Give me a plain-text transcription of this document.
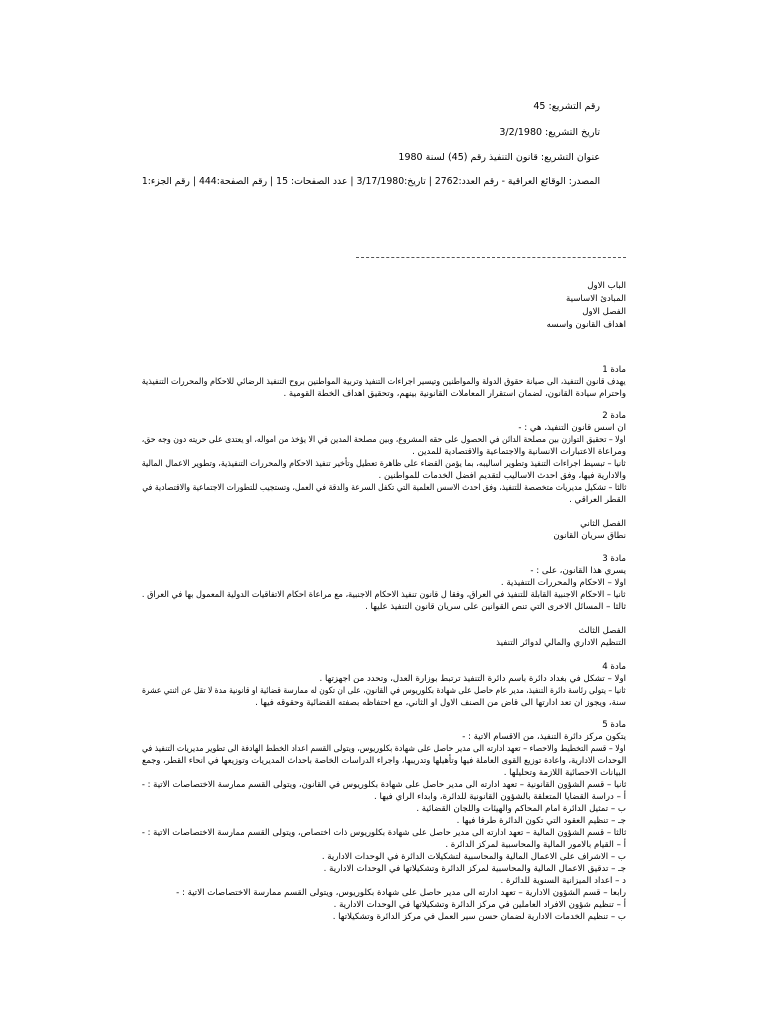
رقم التشريع: 45
تاريخ التشريع: 3/2/1980
عنوان التشريع: قانون التنفيذ رقم (45) لسنة 1980
المصدر: الوقائع العراقية - رقم العدد:2762 | تاريخ:3/17/1980 | عدد الصفحات: 15 | رقم الصفحة:444 | رقم الجزء:1
الباب الاول
المبادئ الاساسية
الفصل الاول
اهداف القانون واسسه
مادة 1
يهدف قانون التنفيذ، الى صيانة حقوق الدولة والمواطنين وتيسير اجراءات التنفيذ وتربية المواطنين بروح التنفيذ الرضائي للاحكام والمحررات التنفيذية
واحترام سيادة القانون، لضمان استقرار المعاملات القانونية بينهم، وتحقيق اهداف الخطة القومية .
مادة 2
ان اسس قانون التنفيذ، هي : -
اولا – تحقيق التوازن بين مصلحة الدائن في الحصول على حقه المشروع، وبين مصلحة المدين في الا يؤخذ من امواله، او يعتدى على حريته دون وجه حق،
ومراعاة الاعتبارات الانسانية والاجتماعية والاقتصادية للمدين .
ثانيا – تبسيط اجراءات التنفيذ وتطوير اساليبه، بما يؤمن القضاء على ظاهرة تعطيل وتأخير تنفيذ الاحكام والمحررات التنفيذية، وتطوير الاعمال المالية
والادارية فيها، وفق احدث الاساليب لتقديم افضل الخدمات للمواطنين .
ثالثا – تشكيل مديريات متخصصة للتنفيذ، وفق احدث الاسس العلمية التي تكفل السرعة والدقة في العمل، وتستجيب للتطورات الاجتماعية والاقتصادية في
القطر العراقي .
الفصل الثاني
نطاق سريان القانون
مادة 3
يسري هذا القانون، على : -
اولا – الاحكام والمحررات التنفيذية .
ثانيا – الاحكام الاجنبية القابلة للتنفيذ في العراق، وفقا ل قانون تنفيذ الاحكام الاجنبية، مع مراعاة احكام الاتفاقيات الدولية المعمول بها في العراق .
ثالثا – المسائل الاخرى التي تنص القوانين على سريان قانون التنفيذ عليها .
الفصل الثالث
التنظيم الاداري والمالي لدوائر التنفيذ
مادة 4
اولا – تشكل في بغداد دائرة باسم دائرة التنفيذ ترتبط بوزارة العدل، وتحدد من اجهزتها .
ثانيا – يتولى رئاسة دائرة التنفيذ، مدير عام حاصل على شهادة بكلوريوس في القانون، على ان تكون له ممارسة قضائية او قانونية مدة لا تقل عن اثنتي عشرة
سنة، ويجوز ان تعد ادارتها الى قاض من الصنف الاول او الثاني، مع احتفاظه بصفته القضائية وحقوقه فيها .
مادة 5
يتكون مركز دائرة التنفيذ، من الاقسام الاتية : -
اولا – قسم التخطيط والاحصاء – تعهد ادارته الى مدير حاصل على شهادة بكلوريوس، ويتولى القسم اعداد الخطط الهادفة الى تطوير مديريات التنفيذ في
الوحدات الادارية، واعادة توزيع القوى العاملة فيها وتأهيلها وتدريبها، واجراء الدراسات الخاصة باحداث المديريات وتوزيعها في انحاء القطر، وجمع
البيانات الاحصائية اللازمة وتحليلها .
ثانيا – قسم الشؤون القانونية – تعهد ادارته الى مدير حاصل على شهادة بكلوريوس في القانون، ويتولى القسم ممارسة الاختصاصات الاتية : -
أ – دراسة القضايا المتعلقة بالشؤون القانونية للدائرة، وابداء الراي فيها .
ب – تمثيل الدائرة امام المحاكم والهيئات واللجان القضائية .
جـ – تنظيم العقود التي تكون الدائرة طرفا فيها .
ثالثا – قسم الشؤون المالية – تعهد ادارته الى مدير حاصل على شهادة بكلوريوس ذات اختصاص، ويتولى القسم ممارسة الاختصاصات الاتية : -
أ – القيام بالامور المالية والمحاسبية لمركز الدائرة .
ب – الاشراف على الاعمال المالية والمحاسبية لتشكيلات الدائرة في الوحدات الادارية .
جـ – تدقيق الاعمال المالية والمحاسبية لمركز الدائرة وتشكيلاتها في الوحدات الادارية .
د – اعداد الميزانية السنوية للدائرة .
رابعا – قسم الشؤون الادارية – تعهد ادارته الى مدير حاصل على شهادة بكلوريوس، ويتولى القسم ممارسة الاختصاصات الاتية : -
أ – تنظيم شؤون الافراد العاملين في مركز الدائرة وتشكيلاتها في الوحدات الادارية .
ب – تنظيم الخدمات الادارية لضمان حسن سير العمل في مركز الدائرة وتشكيلاتها .
